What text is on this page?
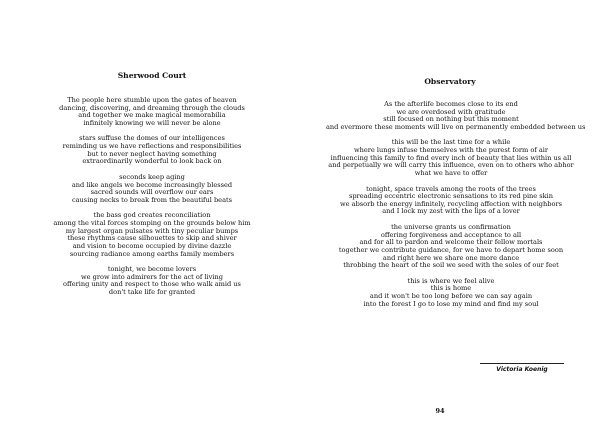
Sherwood Court
The people here stumble upon the gates of heaven
dancing, discovering, and dreaming through the clouds
and together we make magical memorabilia
infinitely knowing we will never be alone
stars suffuse the domes of our intelligences
reminding us we have reflections and responsibilities
but to never neglect having something
extraordinarily wonderful to look back on
seconds keep aging
and like angels we become increasingly blessed
sacred sounds will overflow our ears
causing necks to break from the beautiful beats
the bass god creates reconciliation
among the vital forces stomping on the grounds below him
my largest organ pulsates with tiny peculiar bumps
these rhythms cause silhouettes to skip and shiver
and vision to become occupied by divine dazzle
sourcing radiance among earths family members
tonight, we become lovers
we grow into admirers for the act of living
offering unity and respect to those who walk amid us
don't take life for granted
Observatory
As the afterlife becomes close to its end
we are overdosed with gratitude
still focused on nothing but this moment
and evermore these moments will live on permanently embedded between us
this will be the last time for a while
where lungs infuse themselves with the purest form of air
influencing this family to find every inch of beauty that lies within us all
and perpetually we will carry this influence, even on to others who abhor what we have to offer
tonight, space travels among the roots of the trees
spreading eccentric electronic sensations to its red pine skin
we absorb the energy infinitely, recycling affection with neighbors
and I lock my zest with the lips of a lover
the universe grants us confirmation
offering forgiveness and acceptance to all
and for all to pardon and welcome their fellow mortals
together we contribute guidance, for we have to depart home soon
and right here we share one more dance
throbbing the heart of the soil we seed with the soles of our feet
this is where we feel alive
this is home
and it won't be too long before we can say again
into the forest I go to lose my mind and find my soul
Victoria Koenig
94
